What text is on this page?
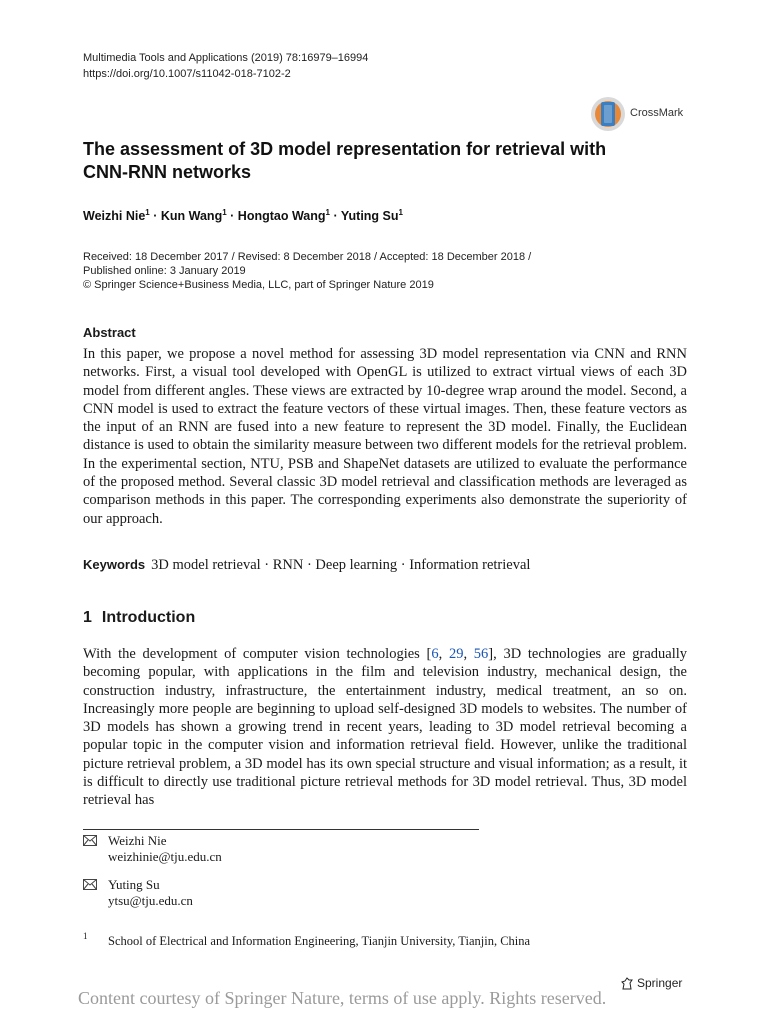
Multimedia Tools and Applications (2019) 78:16979–16994
https://doi.org/10.1007/s11042-018-7102-2
CrossMark
The assessment of 3D model representation for retrieval with CNN-RNN networks
Weizhi Nie$^1$ · Kun Wang$^1$ · Hongtao Wang$^1$ · Yuting Su$^1$
Received: 18 December 2017 / Revised: 8 December 2018 / Accepted: 18 December 2018 /
Published online: 3 January 2019
© Springer Science+Business Media, LLC, part of Springer Nature 2019
Abstract
In this paper, we propose a novel method for assessing 3D model representation via CNN and RNN networks. First, a visual tool developed with OpenGL is utilized to extract virtual views of each 3D model from different angles. These views are extracted by 10-degree wrap around the model. Second, a CNN model is used to extract the feature vectors of these virtual images. Then, these feature vectors as the input of an RNN are fused into a new feature to represent the 3D model. Finally, the Euclidean distance is used to obtain the similarity measure between two different models for the retrieval problem. In the experimental section, NTU, PSB and ShapeNet datasets are utilized to evaluate the performance of the proposed method. Several classic 3D model retrieval and classification methods are leveraged as comparison methods in this paper. The corresponding experiments also demonstrate the superiority of our approach.
Keywords 3D model retrieval · RNN · Deep learning · Information retrieval
1 Introduction
With the development of computer vision technologies [6, 29, 56], 3D technologies are gradually becoming popular, with applications in the film and television industry, mechanical design, the construction industry, infrastructure, the entertainment industry, medical treatment, an so on. Increasingly more people are beginning to upload self-designed 3D models to websites. The number of 3D models has shown a growing trend in recent years, leading to 3D model retrieval becoming a popular topic in the computer vision and information retrieval field. However, unlike the traditional picture retrieval problem, a 3D model has its own special structure and visual information; as a result, it is difficult to directly use traditional picture retrieval methods for 3D model retrieval. Thus, 3D model retrieval has
Weizhi Nie
weizhinie@tju.edu.cn
Yuting Su
ytsu@tju.edu.cn
1 School of Electrical and Information Engineering, Tianjin University, Tianjin, China
Springer
Content courtesy of Springer Nature, terms of use apply. Rights reserved.
